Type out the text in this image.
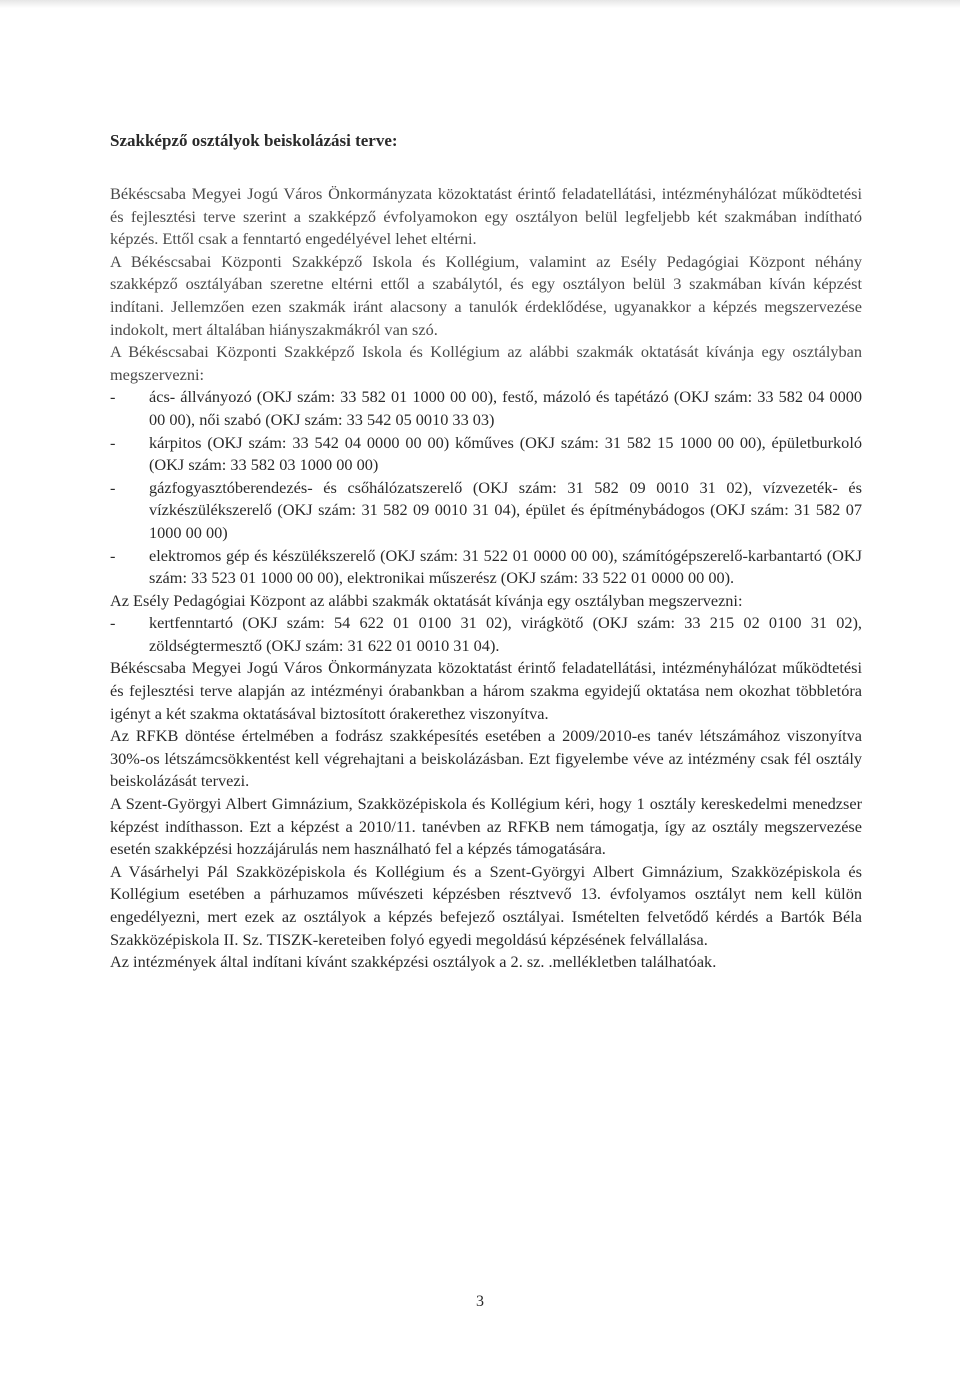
Szakképző osztályok beiskolázási terve:

Békéscsaba Megyei Jogú Város Önkormányzata közoktatást érintő feladatellátási, intézményhálózat működtetési és fejlesztési terve szerint a szakképző évfolyamokon egy osztályon belül legfeljebb két szakmában indítható képzés. Ettől csak a fenntartó engedélyével lehet eltérni.

A Békéscsabai Központi Szakképző Iskola és Kollégium, valamint az Esély Pedagógiai Központ néhány szakképző osztályában szeretne eltérni ettől a szabálytól, és egy osztályon belül 3 szakmában kíván képzést indítani. Jellemzően ezen szakmák iránt alacsony a tanulók érdeklődése, ugyanakkor a képzés megszervezése indokolt, mert általában hiányszakmákról van szó.

A Békéscsabai Központi Szakképző Iskola és Kollégium az alábbi szakmák oktatását kívánja egy osztályban megszervezni:

- ács- állványozó (OKJ szám: 33 582 01 1000 00 00), festő, mázoló és tapétázó (OKJ szám: 33 582 04 0000 00 00), női szabó (OKJ szám: 33 542 05 0010 33 03)
- kárpitos (OKJ szám: 33 542 04 0000 00 00) kőműves (OKJ szám: 31 582 15 1000 00 00), épületburkoló (OKJ szám: 33 582 03 1000 00 00)
- gázfogyasztóberendezés- és csőhálózatszerelő (OKJ szám: 31 582 09 0010 31 02), vízvezeték- és vízkészülékszerelő (OKJ szám: 31 582 09 0010 31 04), épület és építménybádogos (OKJ szám: 31 582 07 1000 00 00)
- elektromos gép és készülékszerelő (OKJ szám: 31 522 01 0000 00 00), számítógépszerelő-karbantartó (OKJ szám: 33 523 01 1000 00 00), elektronikai műszerész (OKJ szám: 33 522 01 0000 00 00).

Az Esély Pedagógiai Központ az alábbi szakmák oktatását kívánja egy osztályban megszervezni:

- kertfenntartó (OKJ szám: 54 622 01 0100 31 02), virágkötő (OKJ szám: 33 215 02 0100 31 02), zöldségtermesztő (OKJ szám: 31 622 01 0010 31 04).

Békéscsaba Megyei Jogú Város Önkormányzata közoktatást érintő feladatellátási, intézményhálózat működtetési és fejlesztési terve alapján az intézményi órabankban a három szakma egyidejű oktatása nem okozhat többletóra igényt a két szakma oktatásával biztosított órakerethez viszonyítva.

Az RFKB döntése értelmében a fodrász szakképesítés esetében a 2009/2010-es tanév létszámához viszonyítva 30%-os létszámcsökkentést kell végrehajtani a beiskolázásban. Ezt figyelembe véve az intézmény csak fél osztály beiskolázását tervezi.

A Szent-Györgyi Albert Gimnázium, Szakközépiskola és Kollégium kéri, hogy 1 osztály kereskedelmi menedzser képzést indíthasson. Ezt a képzést a 2010/11. tanévben az RFKB nem támogatja, így az osztály megszervezése esetén szakképzési hozzájárulás nem használható fel a képzés támogatására.

A Vásárhelyi Pál Szakközépiskola és Kollégium és a Szent-Györgyi Albert Gimnázium, Szakközépiskola és Kollégium esetében a párhuzamos művészeti képzésben résztvevő 13. évfolyamos osztályt nem kell külön engedélyezni, mert ezek az osztályok a képzés befejező osztályai. Ismételten felvetődő kérdés a Bartók Béla Szakközépiskola II. Sz. TISZK-kereteiben folyó egyedi megoldású képzésének felvállalása.

Az intézmények által indítani kívánt szakképzési osztályok a 2. sz. .mellékletben találhatóak.

3
